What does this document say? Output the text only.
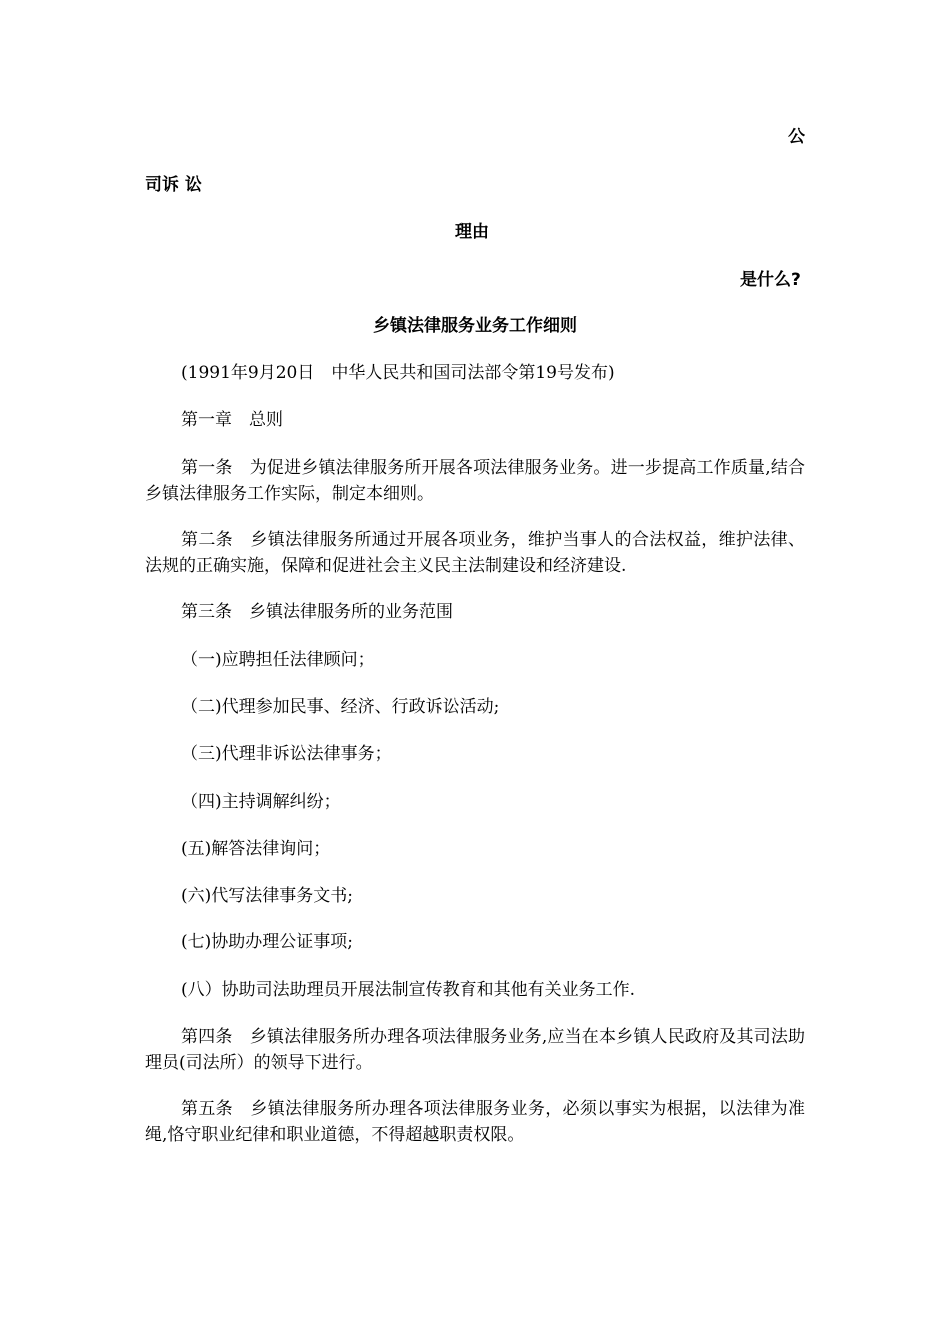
公
司诉 讼
理由
是什么?
乡镇法律服务业务工作细则
(1991年9月20日　中华人民共和国司法部令第19号发布)
第一章　总则
第一条　为促进乡镇法律服务所开展各项法律服务业务。进一步提高工作质量,结合乡镇法律服务工作实际，制定本细则。
第二条　乡镇法律服务所通过开展各项业务，维护当事人的合法权益，维护法律、法规的正确实施，保障和促进社会主义民主法制建设和经济建设.
第三条　乡镇法律服务所的业务范围
（一)应聘担任法律顾问；
（二)代理参加民事、经济、行政诉讼活动;
（三)代理非诉讼法律事务；
（四)主持调解纠纷；
(五)解答法律询问；
(六)代写法律事务文书;
(七)协助办理公证事项;
(八）协助司法助理员开展法制宣传教育和其他有关业务工作.
第四条　乡镇法律服务所办理各项法律服务业务,应当在本乡镇人民政府及其司法助理员(司法所）的领导下进行。
第五条　乡镇法律服务所办理各项法律服务业务，必须以事实为根据，以法律为准绳,恪守职业纪律和职业道德，不得超越职责权限。
